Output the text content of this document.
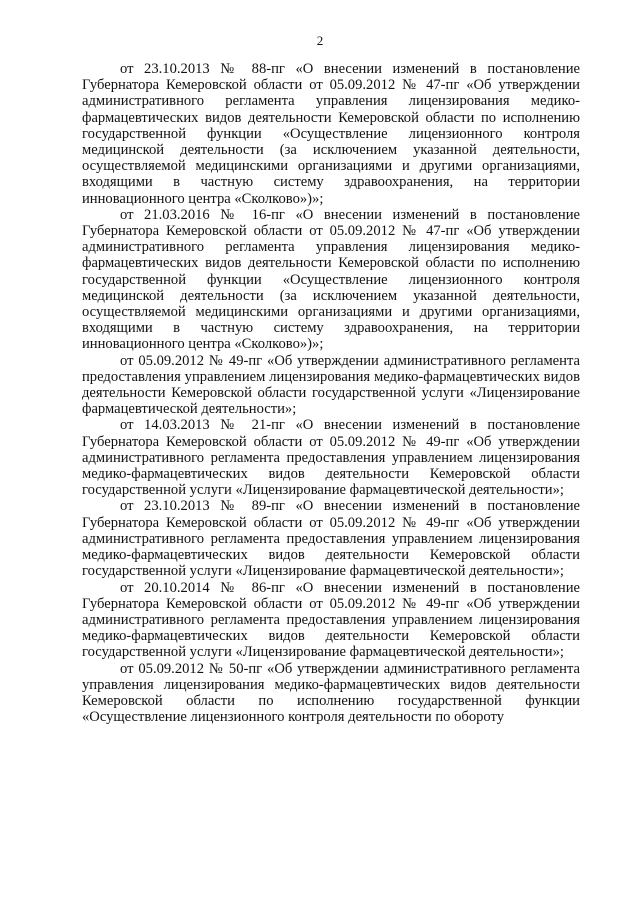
2

от 23.10.2013 № 88-пг «О внесении изменений в постановление Губернатора Кемеровской области от 05.09.2012 № 47-пг «Об утверждении административного регламента управления лицензирования медико-фармацевтических видов деятельности Кемеровской области по исполнению государственной функции «Осуществление лицензионного контроля медицинской деятельности (за исключением указанной деятельности, осуществляемой медицинскими организациями и другими организациями, входящими в частную систему здравоохранения, на территории инновационного центра «Сколково»)»;

от 21.03.2016 № 16-пг «О внесении изменений в постановление Губернатора Кемеровской области от 05.09.2012 № 47-пг «Об утверждении административного регламента управления лицензирования медико-фармацевтических видов деятельности Кемеровской области по исполнению государственной функции «Осуществление лицензионного контроля медицинской деятельности (за исключением указанной деятельности, осуществляемой медицинскими организациями и другими организациями, входящими в частную систему здравоохранения, на территории инновационного центра «Сколково»)»;

от 05.09.2012 № 49-пг «Об утверждении административного регламента предоставления управлением лицензирования медико-фармацевтических видов деятельности Кемеровской области государственной услуги «Лицензирование фармацевтической деятельности»;

от 14.03.2013 № 21-пг «О внесении изменений в постановление Губернатора Кемеровской области от 05.09.2012 № 49-пг «Об утверждении административного регламента предоставления управлением лицензирования медико-фармацевтических видов деятельности Кемеровской области государственной услуги «Лицензирование фармацевтической деятельности»;

от 23.10.2013 № 89-пг «О внесении изменений в постановление Губернатора Кемеровской области от 05.09.2012 № 49-пг «Об утверждении административного регламента предоставления управлением лицензирования медико-фармацевтических видов деятельности Кемеровской области государственной услуги «Лицензирование фармацевтической деятельности»;

от 20.10.2014 № 86-пг «О внесении изменений в постановление Губернатора Кемеровской области от 05.09.2012 № 49-пг «Об утверждении административного регламента предоставления управлением лицензирования медико-фармацевтических видов деятельности Кемеровской области государственной услуги «Лицензирование фармацевтической деятельности»;

от 05.09.2012 № 50-пг «Об утверждении административного регламента управления лицензирования медико-фармацевтических видов деятельности Кемеровской области по исполнению государственной функции «Осуществление лицензионного контроля деятельности по обороту
